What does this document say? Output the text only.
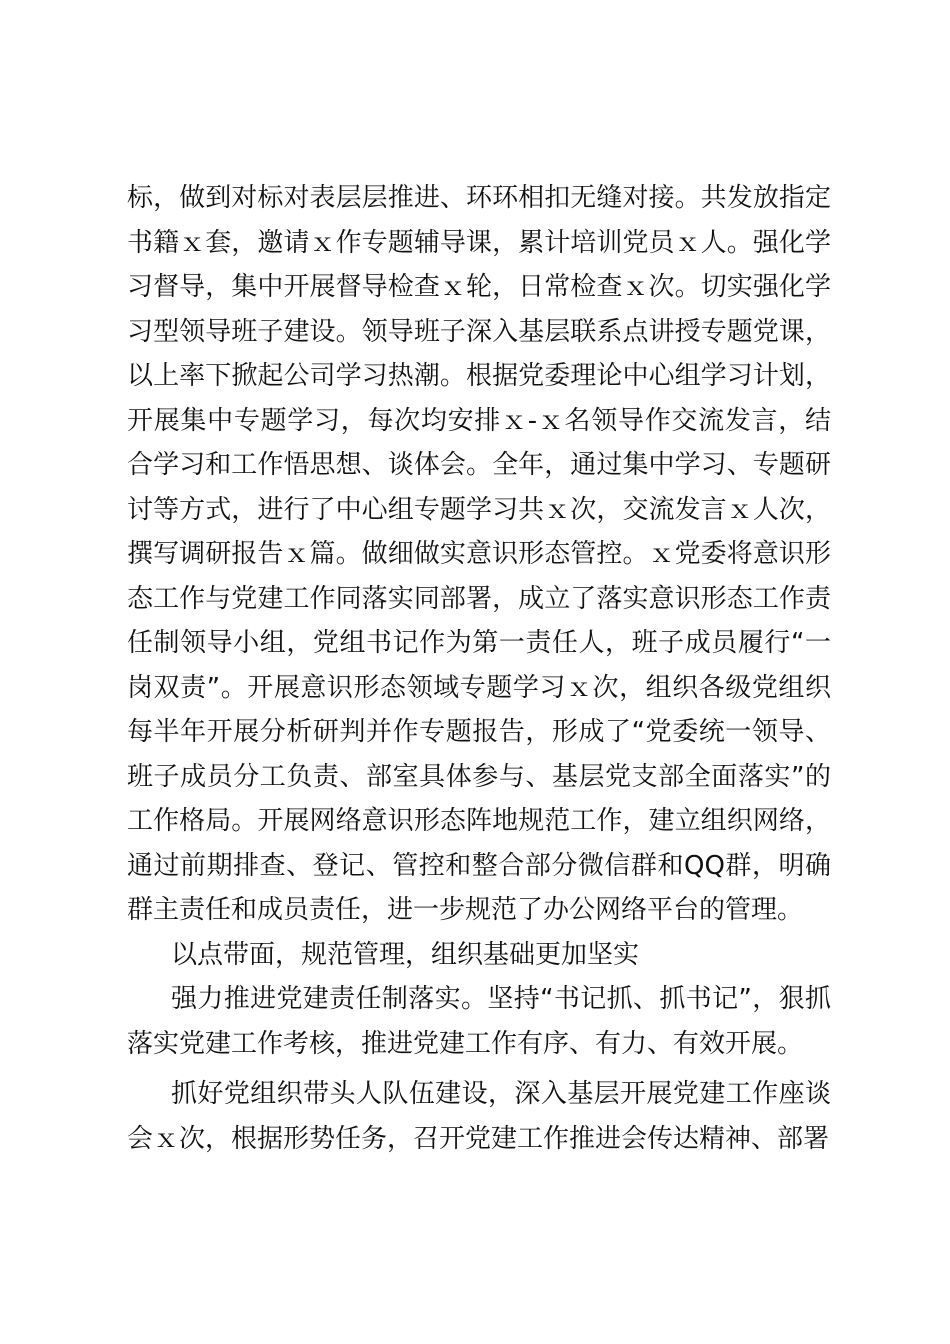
标，做到对标对表层层推进、环环相扣无缝对接。共发放指定书籍ｘ套，邀请ｘ作专题辅导课，累计培训党员ｘ人。强化学习督导，集中开展督导检查ｘ轮，日常检查ｘ次。切实强化学习型领导班子建设。领导班子深入基层联系点讲授专题党课，以上率下掀起公司学习热潮。根据党委理论中心组学习计划，开展集中专题学习，每次均安排ｘ-ｘ名领导作交流发言，结合学习和工作悟思想、谈体会。全年，通过集中学习、专题研讨等方式，进行了中心组专题学习共ｘ次，交流发言ｘ人次，撰写调研报告ｘ篇。做细做实意识形态管控。ｘ党委将意识形态工作与党建工作同落实同部署，成立了落实意识形态工作责任制领导小组，党组书记作为第一责任人，班子成员履行“一岗双责”。开展意识形态领域专题学习ｘ次，组织各级党组织每半年开展分析研判并作专题报告，形成了“党委统一领导、班子成员分工负责、部室具体参与、基层党支部全面落实”的工作格局。开展网络意识形态阵地规范工作，建立组织网络，通过前期排查、登记、管控和整合部分微信群和QQ群，明确群主责任和成员责任，进一步规范了办公网络平台的管理。

以点带面，规范管理，组织基础更加坚实

强力推进党建责任制落实。坚持“书记抓、抓书记”，狠抓落实党建工作考核，推进党建工作有序、有力、有效开展。

抓好党组织带头人队伍建设，深入基层开展党建工作座谈会ｘ次，根据形势任务，召开党建工作推进会传达精神、部署
